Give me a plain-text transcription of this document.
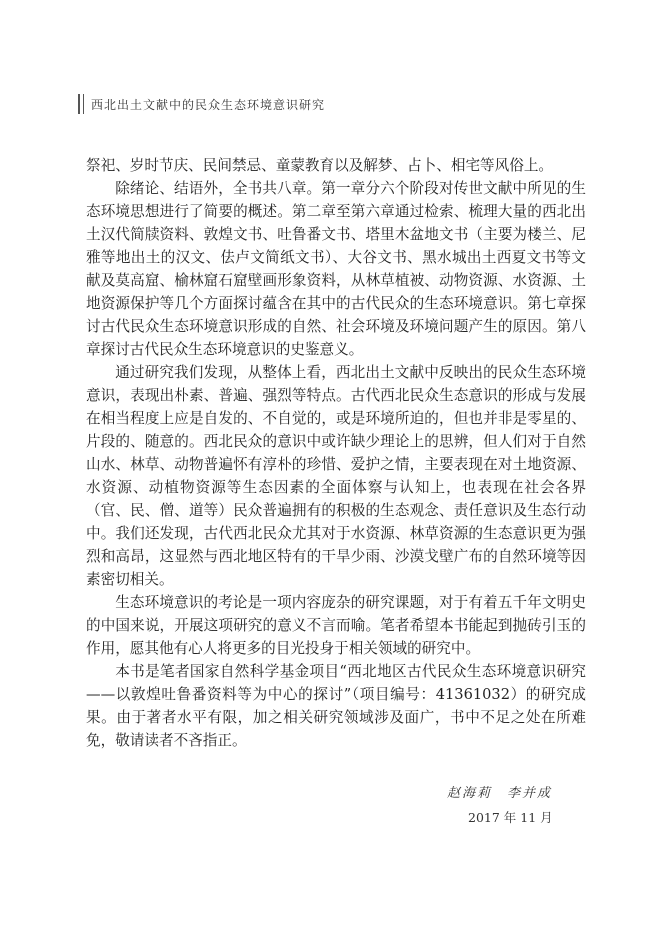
西北出土文献中的民众生态环境意识研究

祭祀、岁时节庆、民间禁忌、童蒙教育以及解梦、占卜、相宅等风俗上。

除绪论、结语外，全书共八章。第一章分六个阶段对传世文献中所见的生态环境思想进行了简要的概述。第二章至第六章通过检索、梳理大量的西北出土汉代简牍资料、敦煌文书、吐鲁番文书、塔里木盆地文书（主要为楼兰、尼雅等地出土的汉文、佉卢文简纸文书）、大谷文书、黑水城出土西夏文书等文献及莫高窟、榆林窟石窟壁画形象资料，从林草植被、动物资源、水资源、土地资源保护等几个方面探讨蕴含在其中的古代民众的生态环境意识。第七章探讨古代民众生态环境意识形成的自然、社会环境及环境问题产生的原因。第八章探讨古代民众生态环境意识的史鉴意义。

通过研究我们发现，从整体上看，西北出土文献中反映出的民众生态环境意识，表现出朴素、普遍、强烈等特点。古代西北民众生态意识的形成与发展在相当程度上应是自发的、不自觉的，或是环境所迫的，但也并非是零星的、片段的、随意的。西北民众的意识中或许缺少理论上的思辨，但人们对于自然山水、林草、动物普遍怀有淳朴的珍惜、爱护之情，主要表现在对土地资源、水资源、动植物资源等生态因素的全面体察与认知上，也表现在社会各界（官、民、僧、道等）民众普遍拥有的积极的生态观念、责任意识及生态行动中。我们还发现，古代西北民众尤其对于水资源、林草资源的生态意识更为强烈和高昂，这显然与西北地区特有的干旱少雨、沙漠戈壁广布的自然环境等因素密切相关。

生态环境意识的考论是一项内容庞杂的研究课题，对于有着五千年文明史的中国来说，开展这项研究的意义不言而喻。笔者希望本书能起到抛砖引玉的作用，愿其他有心人将更多的目光投身于相关领域的研究中。

本书是笔者国家自然科学基金项目“西北地区古代民众生态环境意识研究——以敦煌吐鲁番资料等为中心的探讨”（项目编号：41361032）的研究成果。由于著者水平有限，加之相关研究领域涉及面广，书中不足之处在所难免，敬请读者不吝指正。

赵海莉　李并成
2017 年 11 月
